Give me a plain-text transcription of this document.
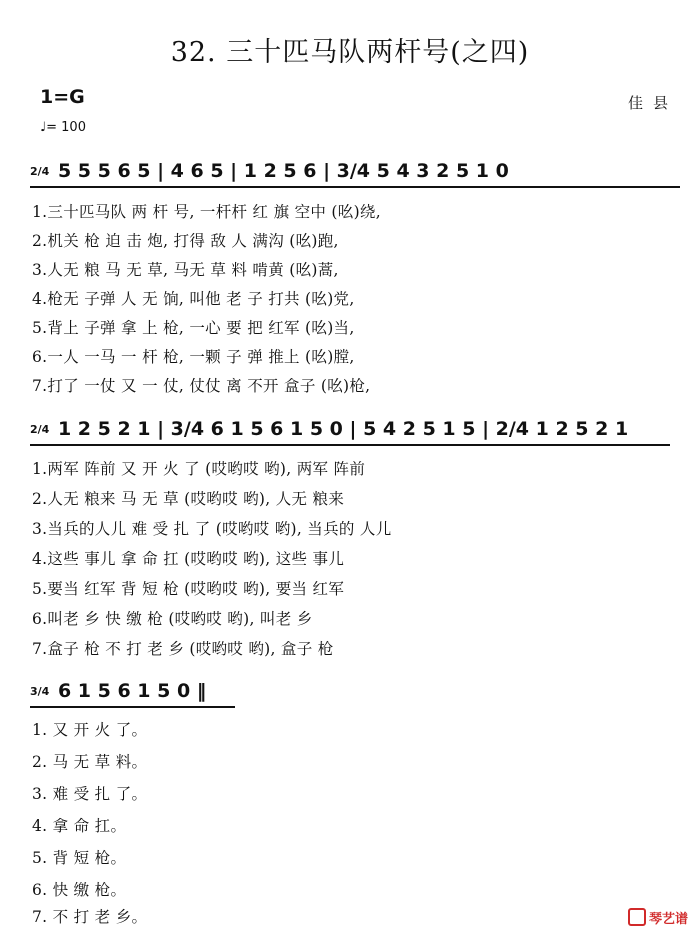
32. 三十匹马队两杆号(之四)
1=G
♩= 100
佳县
2/4 5 5 5 6 5 | 4 6 5 | 1 2 5 6 | 3/4 5 4 3 2 5 1 0
1.三十匹马队 两 杆 号, 一杆杆 红 旗 空中 (吆)绕,
2.机关 枪 迫 击 炮, 打得 敌 人 满沟 (吆)跑,
3.人无 粮 马 无 草, 马无 草 料 啃黄 (吆)蒿,
4.枪无 子弹 人 无 饷, 叫他 老 子 打共 (吆)党,
5.背上 子弹 拿 上 枪, 一心 要 把 红军 (吆)当,
6.一人 一马 一 杆 枪, 一颗 子 弹 推上 (吆)膛,
7.打了 一仗 又 一 仗, 仗仗 离 不开 盒子 (吆)枪,
2/4 1 2 5 2 1 | 3/4 6 1 5 6 1 5 0 | 5 4 2 5 1 5 | 2/4 1 2 5 2 1
1.两军 阵前 又 开 火 了 (哎哟哎 哟), 两军 阵前
2.人无 粮来 马 无 草 (哎哟哎 哟), 人无 粮来
3.当兵的人儿 难 受 扎 了 (哎哟哎 哟), 当兵的 人儿
4.这些 事儿 拿 命 扛 (哎哟哎 哟), 这些 事儿
5.要当 红军 背 短 枪 (哎哟哎 哟), 要当 红军
6.叫老 乡 快 缴 枪 (哎哟哎 哟), 叫老 乡
7.盒子 枪 不 打 老 乡 (哎哟哎 哟), 盒子 枪
3/4 6 1 5 6 1 5 0 ‖
1. 又 开 火 了。
2. 马 无 草 料。
3. 难 受 扎 了。
4. 拿 命 扛。
5. 背 短 枪。
6. 快 缴 枪。
7. 不 打 老 乡。	琴艺谱
